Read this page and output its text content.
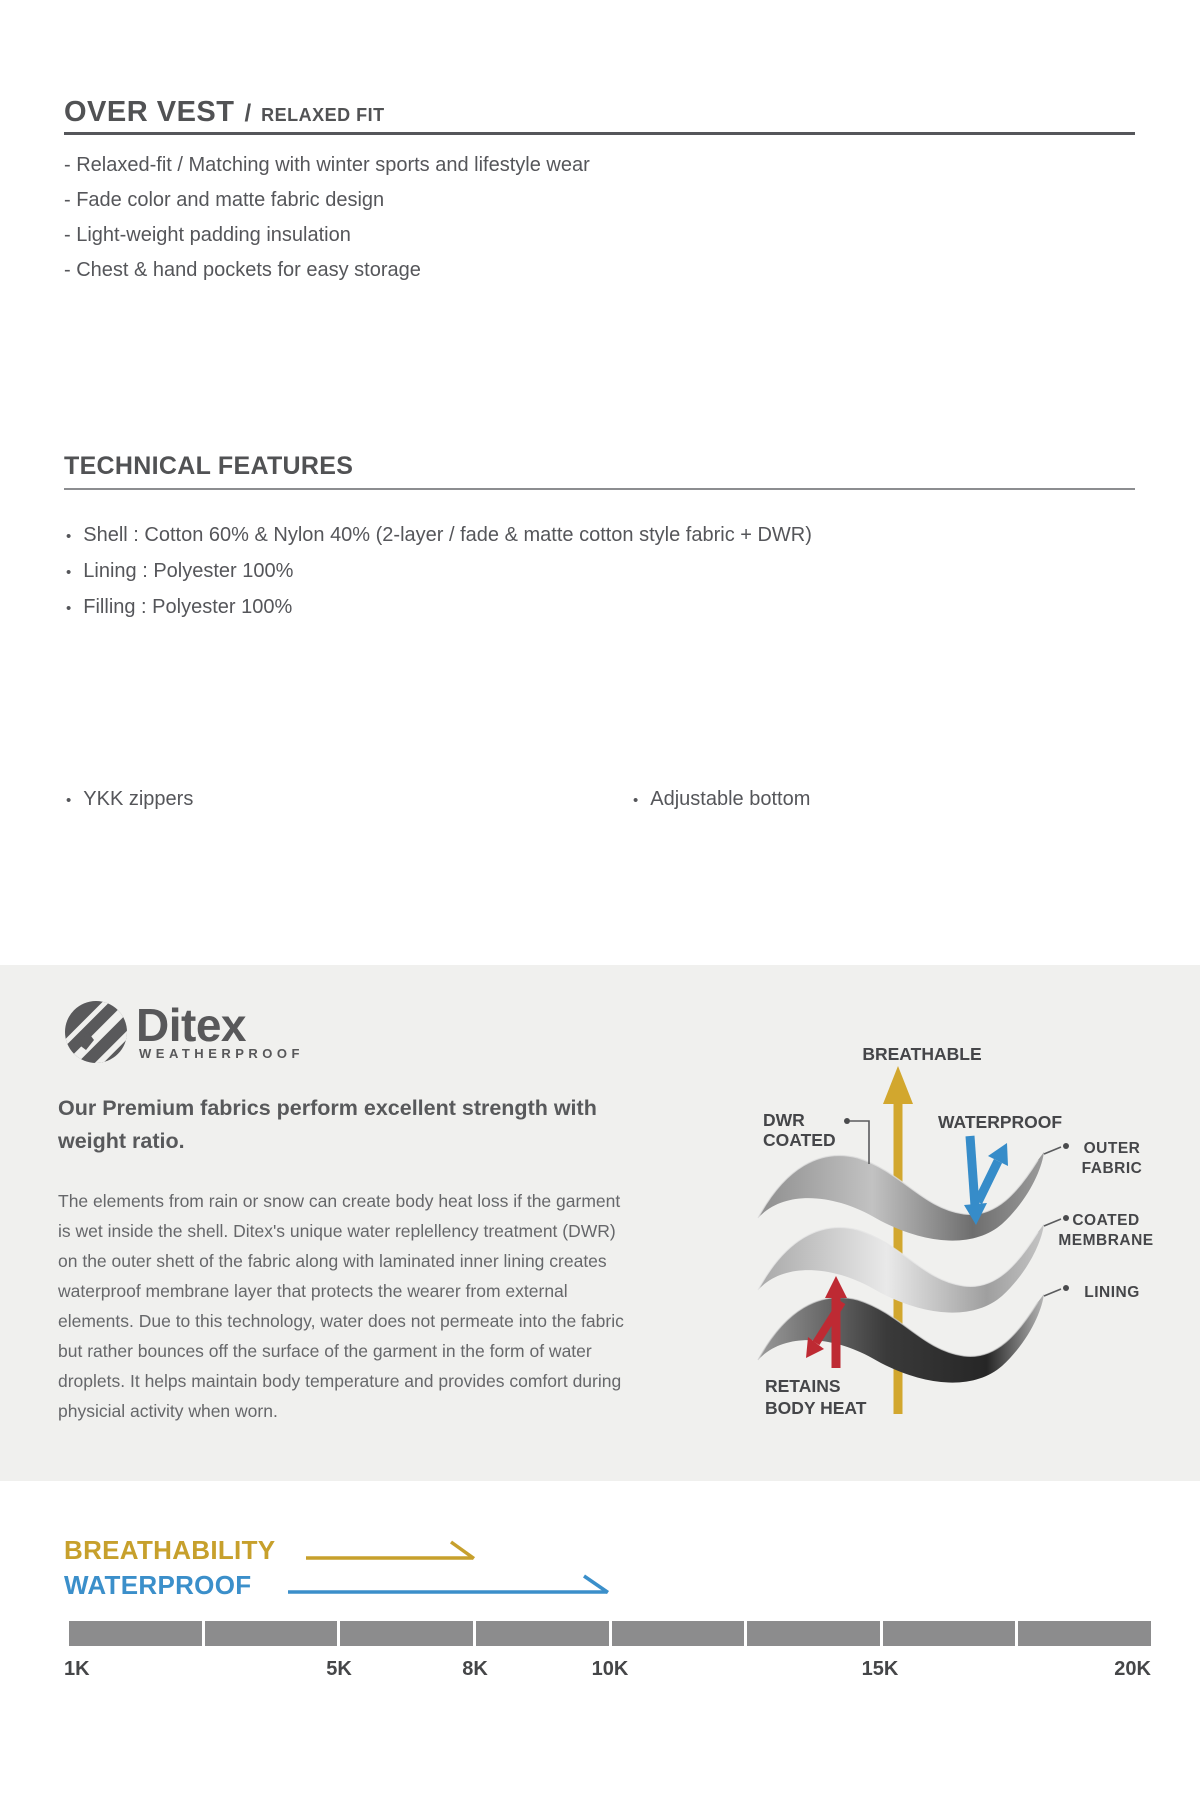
OVER VEST / RELAXED FIT
- Relaxed-fit / Matching with winter sports and lifestyle wear
- Fade color and matte fabric design
- Light-weight padding insulation
- Chest & hand pockets for easy storage
TECHNICAL FEATURES
• Shell : Cotton 60% & Nylon 40% (2-layer / fade & matte cotton style fabric + DWR)
• Lining : Polyester 100%
• Filling : Polyester 100%
• YKK zippers	• Adjustable bottom
Ditex
WEATHERPROOF
Our Premium fabrics perform excellent strength with weight ratio.
The elements from rain or snow can create body heat loss if the garment is wet inside the shell. Ditex's unique water replellency treatment (DWR) on the outer shett of the fabric along with laminated inner lining creates waterproof membrane layer that protects the wearer from external elements. Due to this technology, water does not permeate into the fabric but rather bounces off the surface of the garment in the form of water droplets. It helps maintain body temperature and provides comfort during physicial activity when worn.
BREATHABLE
WATERPROOF
DWR
COATED	OUTER
FABRIC
COATED
MEMBRANE
LINING
RETAINS
BODY HEAT
BREATHABILITY
WATERPROOF
1K	5K	8K	10K	15K	20K
